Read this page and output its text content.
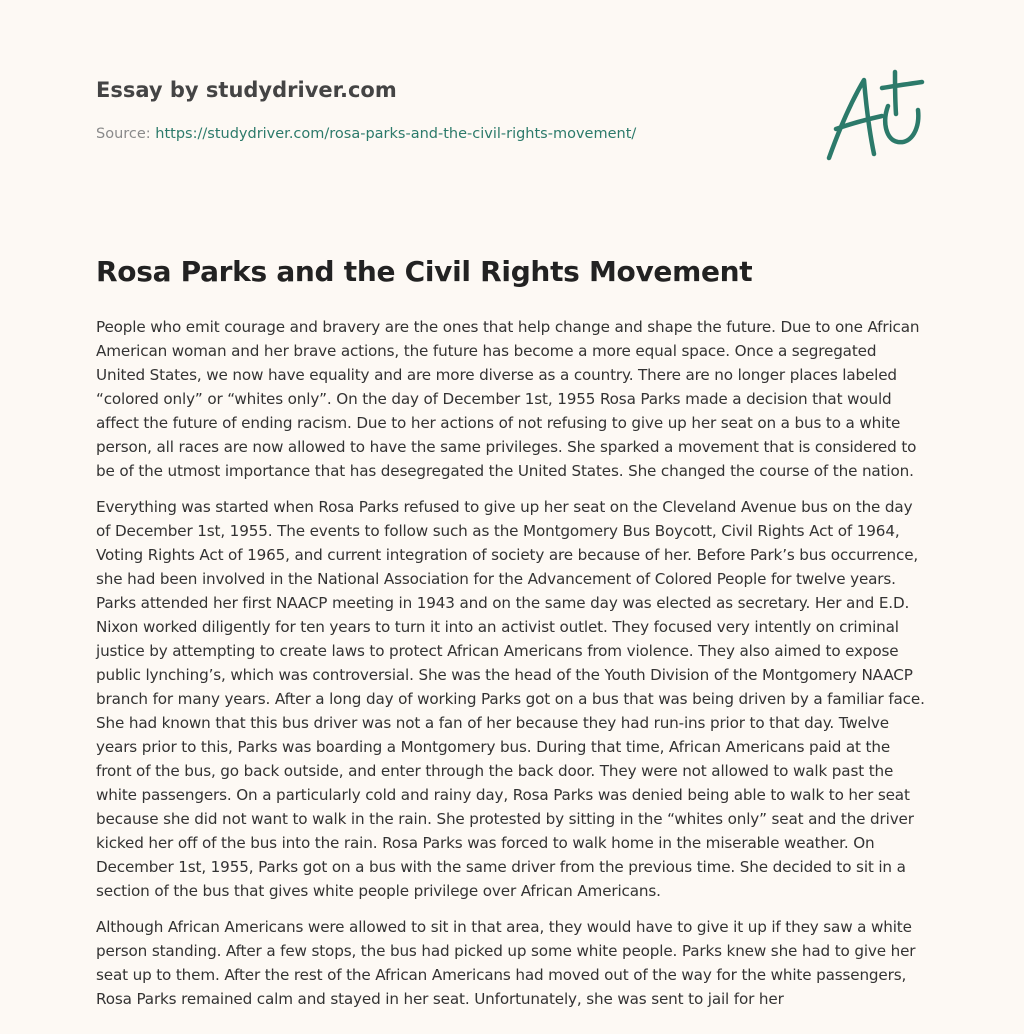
Essay by studydriver.com
Source: https://studydriver.com/rosa-parks-and-the-civil-rights-movement/
Rosa Parks and the Civil Rights Movement

People who emit courage and bravery are the ones that help change and shape the future. Due to one African American woman and her brave actions, the future has become a more equal space. Once a segregated United States, we now have equality and are more diverse as a country. There are no longer places labeled “colored only” or “whites only”. On the day of December 1st, 1955 Rosa Parks made a decision that would affect the future of ending racism. Due to her actions of not refusing to give up her seat on a bus to a white person, all races are now allowed to have the same privileges. She sparked a movement that is considered to be of the utmost importance that has desegregated the United States. She changed the course of the nation.

Everything was started when Rosa Parks refused to give up her seat on the Cleveland Avenue bus on the day of December 1st, 1955. The events to follow such as the Montgomery Bus Boycott, Civil Rights Act of 1964, Voting Rights Act of 1965, and current integration of society are because of her. Before Park’s bus occurrence, she had been involved in the National Association for the Advancement of Colored People for twelve years. Parks attended her first NAACP meeting in 1943 and on the same day was elected as secretary. Her and E.D. Nixon worked diligently for ten years to turn it into an activist outlet. They focused very intently on criminal justice by attempting to create laws to protect African Americans from violence. They also aimed to expose public lynching’s, which was controversial. She was the head of the Youth Division of the Montgomery NAACP branch for many years. After a long day of working Parks got on a bus that was being driven by a familiar face. She had known that this bus driver was not a fan of her because they had run-ins prior to that day. Twelve years prior to this, Parks was boarding a Montgomery bus. During that time, African Americans paid at the front of the bus, go back outside, and enter through the back door. They were not allowed to walk past the white passengers. On a particularly cold and rainy day, Rosa Parks was denied being able to walk to her seat because she did not want to walk in the rain. She protested by sitting in the “whites only” seat and the driver kicked her off of the bus into the rain. Rosa Parks was forced to walk home in the miserable weather. On December 1st, 1955, Parks got on a bus with the same driver from the previous time. She decided to sit in a section of the bus that gives white people privilege over African Americans.

Although African Americans were allowed to sit in that area, they would have to give it up if they saw a white person standing. After a few stops, the bus had picked up some white people. Parks knew she had to give her seat up to them. After the rest of the African Americans had moved out of the way for the white passengers, Rosa Parks remained calm and stayed in her seat. Unfortunately, she was sent to jail for her
